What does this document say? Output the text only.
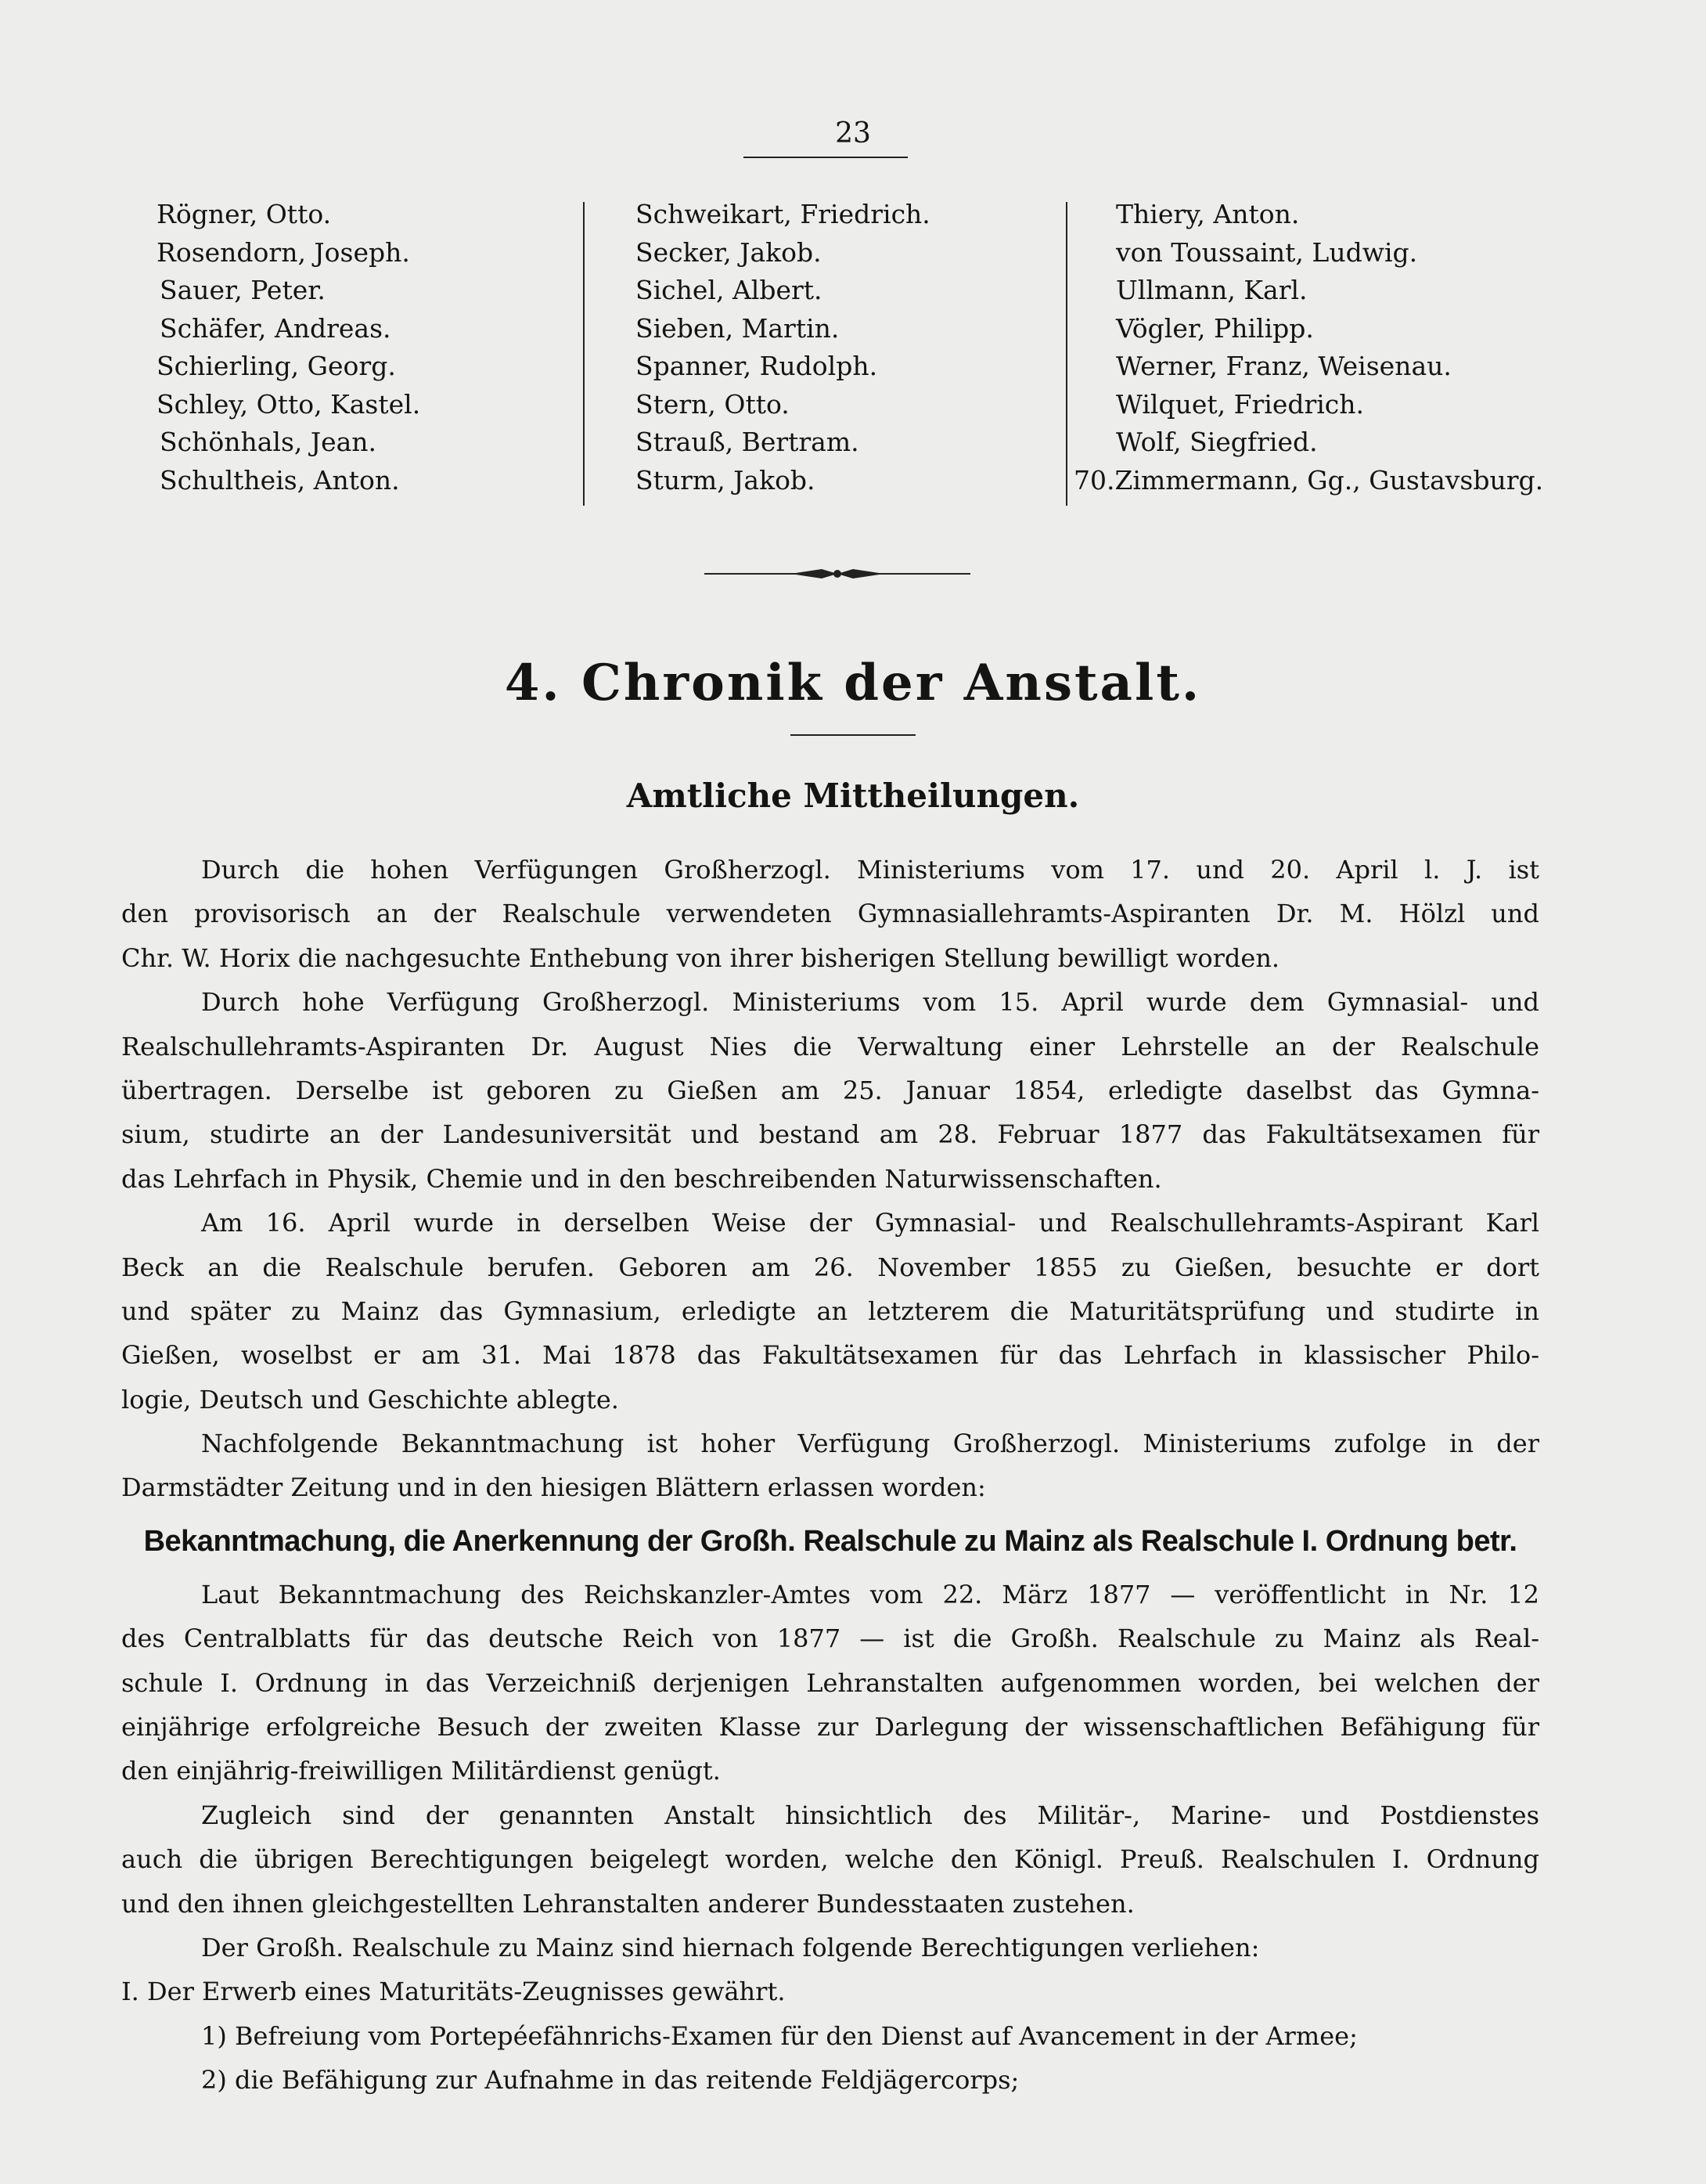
23
Rögner, Otto.
Rosendorn, Joseph.
Sauer, Peter.
Schäfer, Andreas.
Schierling, Georg.
Schley, Otto, Kastel.
Schönhals, Jean.
Schultheis, Anton.
Schweikart, Friedrich.
Secker, Jakob.
Sichel, Albert.
Sieben, Martin.
Spanner, Rudolph.
Stern, Otto.
Strauß, Bertram.
Sturm, Jakob.
Thiery, Anton.
von Toussaint, Ludwig.
Ullmann, Karl.
Vögler, Philipp.
Werner, Franz, Weisenau.
Wilquet, Friedrich.
Wolf, Siegfried.
70.Zimmermann, Gg., Gustavsburg.
4. Chronik der Anstalt.
Amtliche Mittheilungen.
Durch die hohen Verfügungen Großherzogl. Ministeriums vom 17. und 20. April l. J. ist
den provisorisch an der Realschule verwendeten Gymnasiallehramts-Aspiranten Dr. M. Hölzl und
Chr. W. Horix die nachgesuchte Enthebung von ihrer bisherigen Stellung bewilligt worden.
Durch hohe Verfügung Großherzogl. Ministeriums vom 15. April wurde dem Gymnasial- und
Realschullehramts-Aspiranten Dr. August Nies die Verwaltung einer Lehrstelle an der Realschule
übertragen. Derselbe ist geboren zu Gießen am 25. Januar 1854, erledigte daselbst das Gymna-
sium, studirte an der Landesuniversität und bestand am 28. Februar 1877 das Fakultätsexamen für
das Lehrfach in Physik, Chemie und in den beschreibenden Naturwissenschaften.
Am 16. April wurde in derselben Weise der Gymnasial- und Realschullehramts-Aspirant Karl
Beck an die Realschule berufen. Geboren am 26. November 1855 zu Gießen, besuchte er dort
und später zu Mainz das Gymnasium, erledigte an letzterem die Maturitätsprüfung und studirte in
Gießen, woselbst er am 31. Mai 1878 das Fakultätsexamen für das Lehrfach in klassischer Philo-
logie, Deutsch und Geschichte ablegte.
Nachfolgende Bekanntmachung ist hoher Verfügung Großherzogl. Ministeriums zufolge in der
Darmstädter Zeitung und in den hiesigen Blättern erlassen worden:
Bekanntmachung, die Anerkennung der Großh. Realschule zu Mainz als Realschule I. Ordnung betr.
Laut Bekanntmachung des Reichskanzler-Amtes vom 22. März 1877 — veröffentlicht in Nr. 12
des Centralblatts für das deutsche Reich von 1877 — ist die Großh. Realschule zu Mainz als Real-
schule I. Ordnung in das Verzeichniß derjenigen Lehranstalten aufgenommen worden, bei welchen der
einjährige erfolgreiche Besuch der zweiten Klasse zur Darlegung der wissenschaftlichen Befähigung für
den einjährig-freiwilligen Militärdienst genügt.
Zugleich sind der genannten Anstalt hinsichtlich des Militär-, Marine- und Postdienstes
auch die übrigen Berechtigungen beigelegt worden, welche den Königl. Preuß. Realschulen I. Ordnung
und den ihnen gleichgestellten Lehranstalten anderer Bundesstaaten zustehen.
Der Großh. Realschule zu Mainz sind hiernach folgende Berechtigungen verliehen:
I. Der Erwerb eines Maturitäts-Zeugnisses gewährt.
1) Befreiung vom Portepéefähnrichs-Examen für den Dienst auf Avancement in der Armee;
2) die Befähigung zur Aufnahme in das reitende Feldjägercorps;
